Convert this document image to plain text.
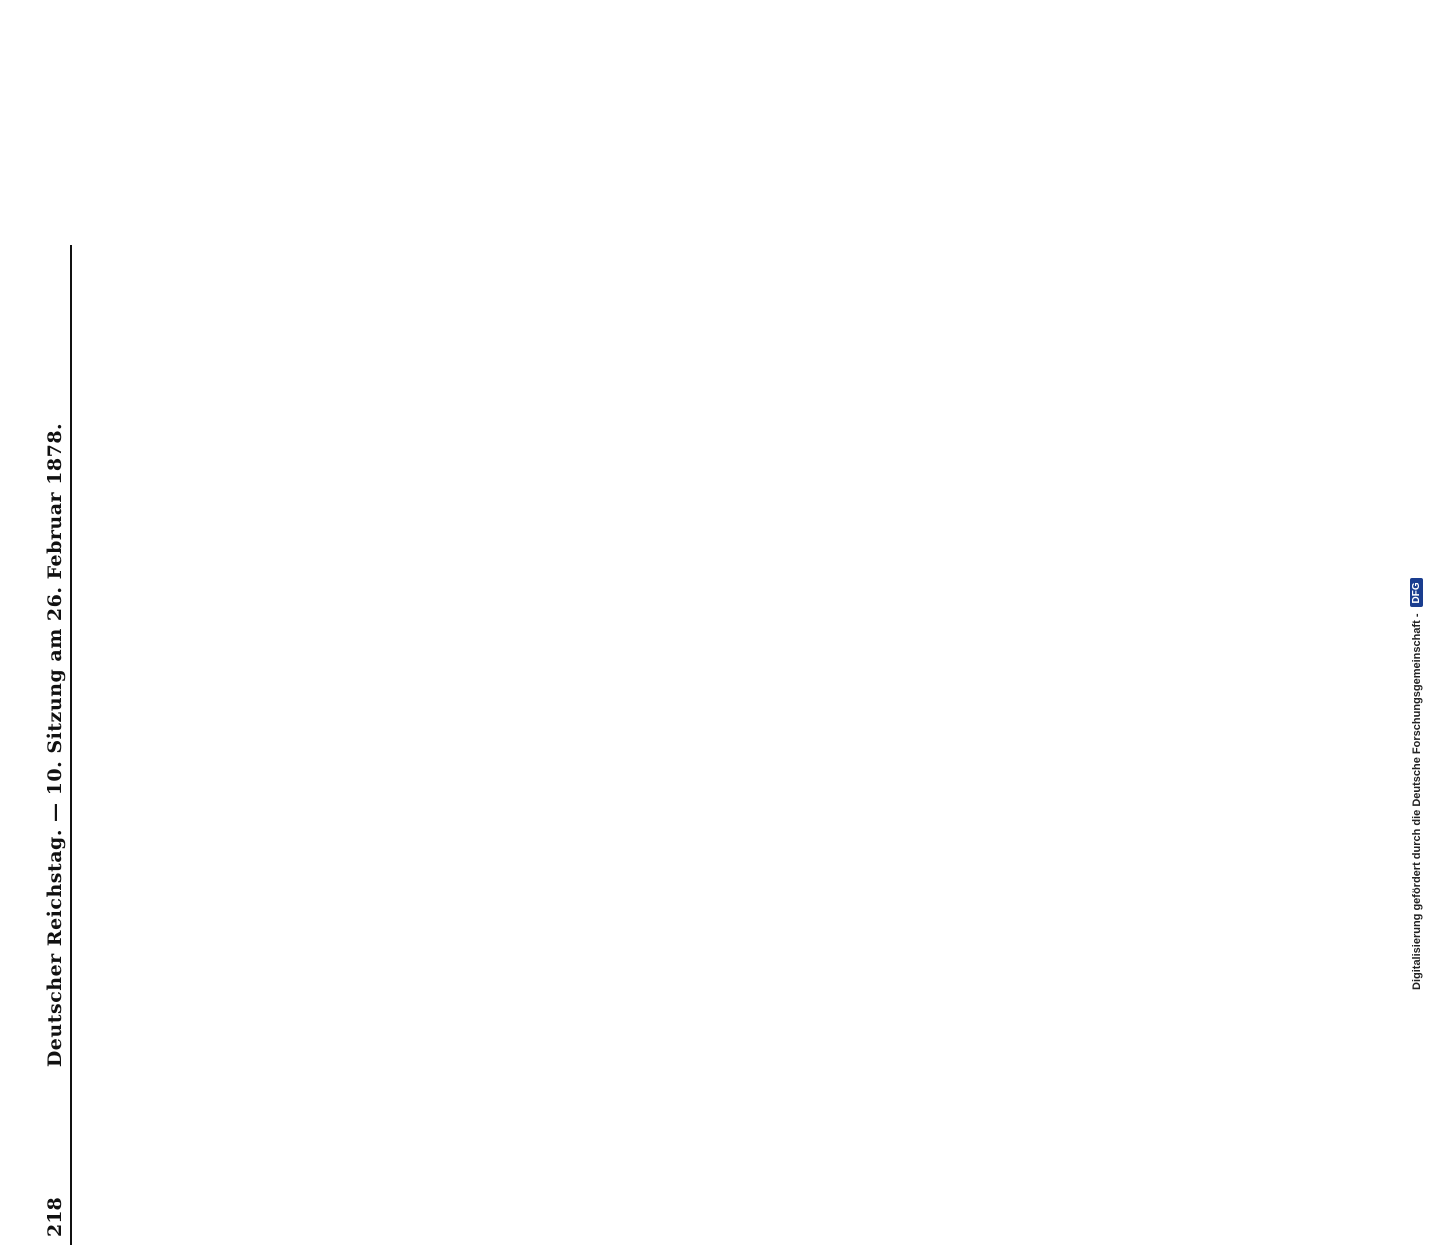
218
Deutscher Reichstag. — 10. Sitzung am 26. Februar 1878.	Digitalisierung gefördert durch die Deutsche Forschungsgemeinschaft -
DFG
